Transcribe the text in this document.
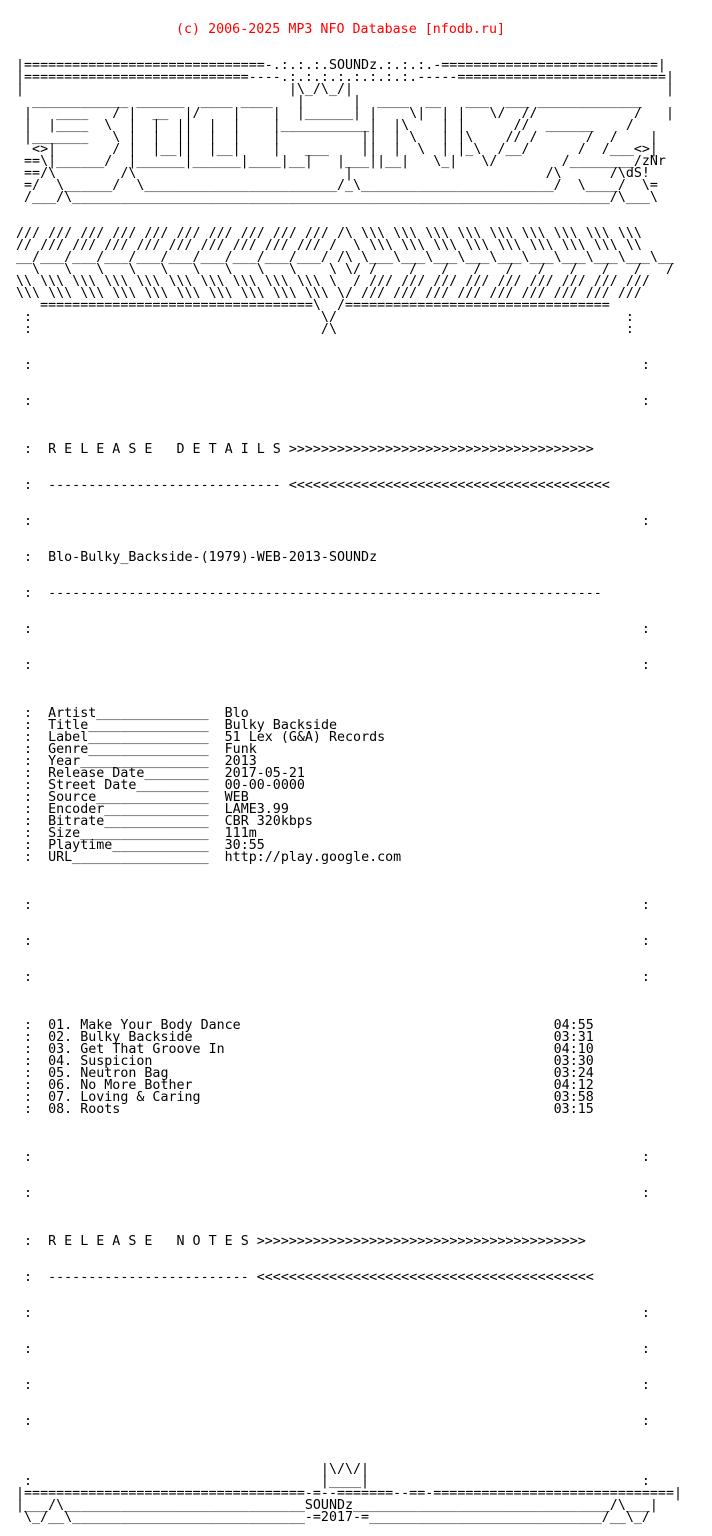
(c) 2006-2025 MP3 NFO Database [nfodb.ru]

|==============================-.:.:.:.SOUNDz.:.:.:.-===========================|
|============================----.:.:.:.:.:.:.:.:.-----==========================|
|                                 |\_/\_/|                                       |
____________ ______  ____ ____   |      |  ____  __   ___  ___ _____________
|   ____   / |  __  |/    |    |  |______| |    \|  | |   \/  //            /   |
|  |____  \  |  |  ||  |  |    |___________|  |\    | |      //  ______    /
|_______   \ |  |  ||  |  |    |          ||  | \   | |\    // /      /  /    |
<>|       / |  |__||  |__|    |   ___    ||  |  \  | |_\  /__/      /  /___<>|
==\|______/  |______|______|____|__|   |___||__|   \_|   \/        /________/zNr
==/\        /\                          |                        /\      /\dS!
=/  \______/  \________________________/_\________________________/  \____/  \=
/___/\___________________________________________________________________/\___\

/// /// /// /// /// /// /// /// /// /// /\ \\\ \\\ \\\ \\\ \\\ \\\ \\\ \\\ \\\
// /// /// /// /// /// /// /// /// /// /  \ \\\ \\\ \\\ \\\ \\\ \\\ \\\ \\\ \\
__/___/___/___/___/___/___/___/___/___/ /\ \___\___\___\___\___\___\___\___\___\__
\   \   \   \   \   \   \   \   \    \ \/ /    /   /   /   /   /   /   /   /   /
\\ \\\ \\\ \\\ \\\ \\\ \\\ \\\ \\\ \\\ \  / /// /// /// /// /// /// /// /// ///
\\\ \\\ \\\ \\\ \\\ \\\ \\\ \\\ \\\ \\\ \/ /// /// /// /// /// /// /// /// ///
==================================\  /=================================
:                                    \/                                    :
:                                    /\                                    :

:                                                                            :

:                                                                            :

:  R E L E A S E   D E T A I L S >>>>>>>>>>>>>>>>>>>>>>>>>>>>>>>>>>>>>>

:  ----------------------------- <<<<<<<<<<<<<<<<<<<<<<<<<<<<<<<<<<<<<<<<

:                                                                            :

:  Blo-Bulky_Backside-(1979)-WEB-2013-SOUNDz

:  ---------------------------------------------------------------------

:                                                                            :

:                                                                            :

:  Artist______________ Blo
:  Title_______________ Bulky Backside
:  Label_______________ 51 Lex (G&A) Records
:  Genre_______________ Funk
:  Year________________ 2013
:  Release Date________ 2017-05-21
:  Street Date_________ 00-00-0000
:  Source______________ WEB
:  Encoder_____________ LAME3.99
:  Bitrate_____________ CBR 320kbps
:  Size________________ 111m
:  Playtime____________ 30:55
:  URL_________________ http://play.google.com

:                                                                            :

:                                                                            :

:                                                                            :

:  01. Make Your Body Dance	04:55
:  02. Bulky Backside	03:31
:  03. Get That Groove In	04:10
:  04. Suspicion	03:30
:  05. Neutron Bag	03:24
:  06. No More Bother	04:12
:  07. Loving & Caring	03:58
:  08. Roots	03:15

:                                                                            :

:                                                                            :

:  R E L E A S E   N O T E S >>>>>>>>>>>>>>>>>>>>>>>>>>>>>>>>>>>>>>>>>

:  ------------------------- <<<<<<<<<<<<<<<<<<<<<<<<<<<<<<<<<<<<<<<<<<

:                                                                            :

:                                                                            :

:                                                                            :

:                                                                            :

|\/\/|
:                                    |____|                                  :
|===================================-=--=======--==-==============================|
|___/\______________________________SOUNDz________________________________/\___|
\_/__\_____________________________-=2017-=_____________________________/__\_/
